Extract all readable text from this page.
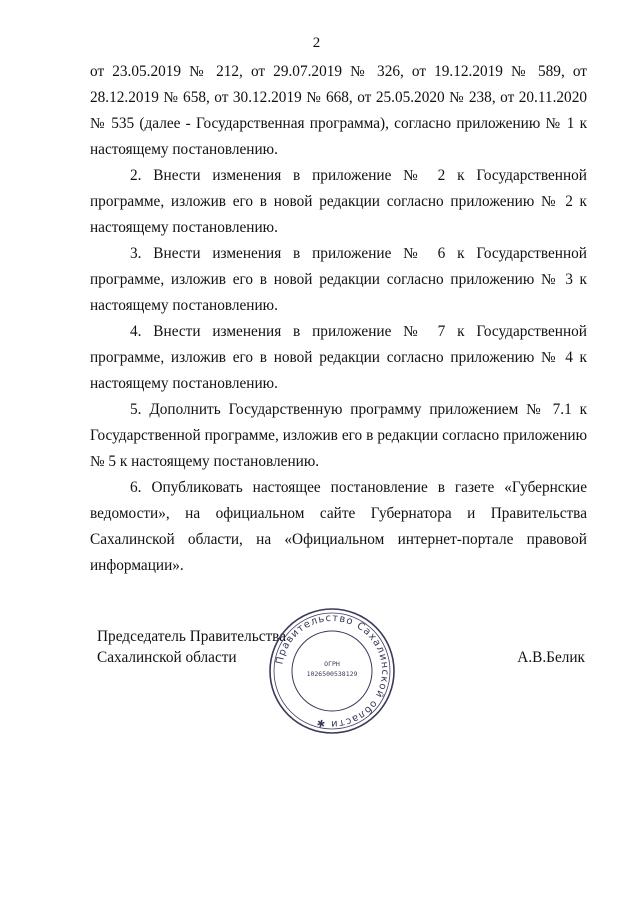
2

от 23.05.2019 № 212, от 29.07.2019 № 326, от 19.12.2019 № 589, от 28.12.2019 № 658, от 30.12.2019 № 668, от 25.05.2020 № 238, от 20.11.2020 № 535 (далее - Государственная программа), согласно приложению № 1 к настоящему постановлению.

2. Внести изменения в приложение № 2 к Государственной программе, изложив его в новой редакции согласно приложению № 2 к настоящему постановлению.

3. Внести изменения в приложение № 6 к Государственной программе, изложив его в новой редакции согласно приложению № 3 к настоящему постановлению.

4. Внести изменения в приложение № 7 к Государственной программе, изложив его в новой редакции согласно приложению № 4 к настоящему постановлению.

5. Дополнить Государственную программу приложением № 7.1 к Государственной программе, изложив его в редакции согласно приложению № 5 к настоящему постановлению.

6. Опубликовать настоящее постановление в газете «Губернские ведомости», на официальном сайте Губернатора и Правительства Сахалинской области, на «Официальном интернет-портале правовой информации».

Председатель Правительства
Сахалинской области	А.В.Белик
Правительство Сахалинской области ✱
ОГРН
1026500538129
